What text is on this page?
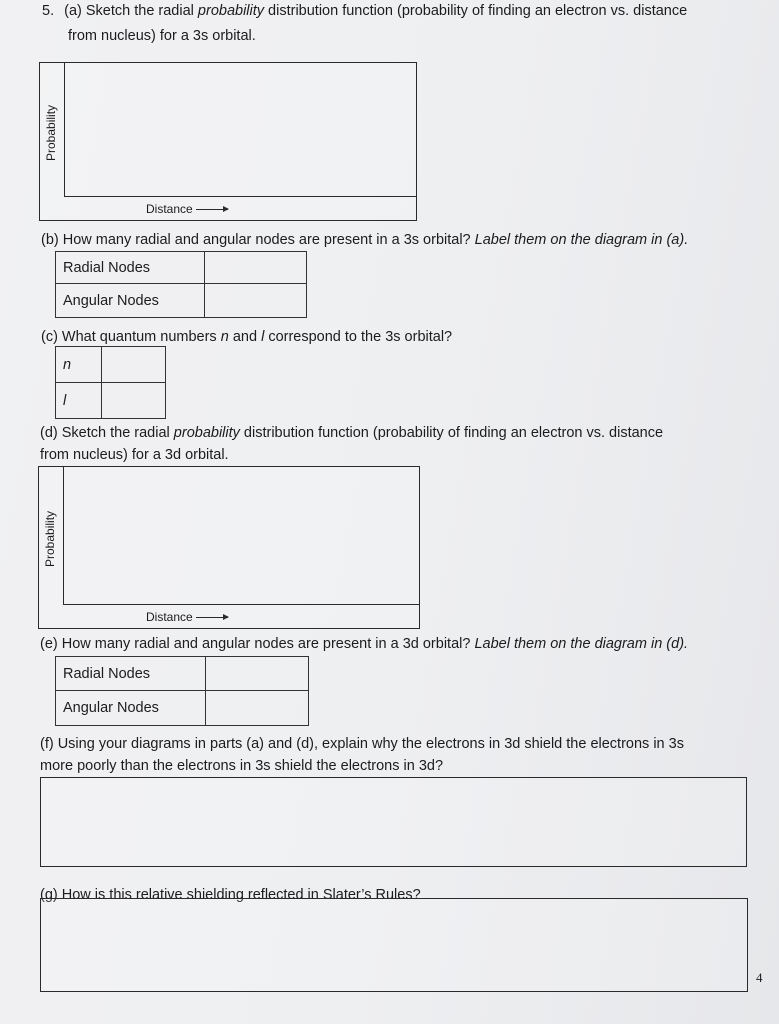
5. (a) Sketch the radial probability distribution function (probability of finding an electron vs. distance
from nucleus) for a 3s orbital.
Probability
Distance
(b) How many radial and angular nodes are present in a 3s orbital? Label them on the diagram in (a).
Radial Nodes	
Angular Nodes	
(c) What quantum numbers n and l correspond to the 3s orbital?
n	
l	
(d) Sketch the radial probability distribution function (probability of finding an electron vs. distance
from nucleus) for a 3d orbital.
Probability
Distance
(e) How many radial and angular nodes are present in a 3d orbital? Label them on the diagram in (d).
Radial Nodes	
Angular Nodes	
(f) Using your diagrams in parts (a) and (d), explain why the electrons in 3d shield the electrons in 3s
more poorly than the electrons in 3s shield the electrons in 3d?
(g) How is this relative shielding reflected in Slater’s Rules?
4
